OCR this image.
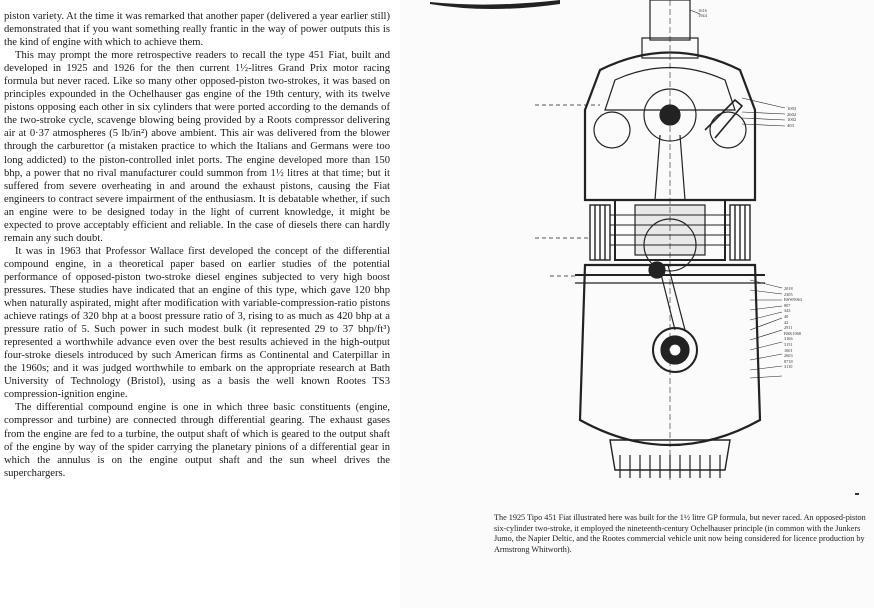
piston variety. At the time it was remarked that another paper (delivered a year earlier still) demonstrated that if you want something really frantic in the way of power outputs this is the kind of engine with which to achieve them.

This may prompt the more retrospective readers to recall the type 451 Fiat, built and developed in 1925 and 1926 for the then current 1½-litres Grand Prix motor racing formula but never raced. Like so many other opposed-piston two-strokes, it was based on principles expounded in the Ochelhauser gas engine of the 19th century, with its twelve pistons opposing each other in six cylinders that were ported according to the demands of the two-stroke cycle, scavenge blowing being provided by a Roots compressor delivering air at 0·37 atmospheres (5 lb/in²) above ambient. This air was delivered from the blower through the carburettor (a mistaken practice to which the Italians and Germans were too long addicted) to the piston-controlled inlet ports. The engine developed more than 150 bhp, a power that no rival manufacturer could summon from 1½ litres at that time; but it suffered from severe overheating in and around the exhaust pistons, causing the Fiat engineers to contract severe impairment of the enthusiasm. It is debatable whether, if such an engine were to be designed today in the light of current knowledge, it might be expected to prove acceptably efficient and reliable. In the case of diesels there can hardly remain any such doubt.

It was in 1963 that Professor Wallace first developed the concept of the differential compound engine, in a theoretical paper based on earlier studies of the potential performance of opposed-piston two-stroke diesel engines subjected to very high boost pressures. These studies have indicated that an engine of this type, which gave 120 bhp when naturally aspirated, might after modification with variable-compression-ratio pistons achieve ratings of 320 bhp at a boost pressure ratio of 3, rising to as much as 420 bhp at a pressure ratio of 5. Such power in such modest bulk (it represented 29 to 37 bhp/ft³) represented a worthwhile advance even over the best results achieved in the high-output four-stroke diesels introduced by such American firms as Continental and Caterpillar in the 1960s; and it was judged worthwhile to embark on the appropriate research at Bath University of Technology (Bristol), using as a basis the well known Rootes TS3 compression-ignition engine.

The differential compound engine is one in which three basic constituents (engine, compressor and turbine) are connected through differential gearing. The exhaust gases from the engine are fed to a turbine, the output shaft of which is geared to the output shaft of the engine by way of the spider carrying the planetary pinions of a differential gear in which the annulus is on the engine output shaft and the sun wheel drives the superchargers.

1616
1944
1003
2602
1002
403
2018
2305
BSW9063
807
343
40
42
2911
BSK1968
3166
3151
1601
2603
8718
3110
The 1925 Tipo 451 Fiat illustrated here was built for the 1½ litre GP formula, but never raced. An opposed-piston six-cylinder two-stroke, it employed the nineteenth-century Ochelhauser principle (in common with the Junkers Jumo, the Napier Deltic, and the Rootes commercial vehicle unit now being considered for licence production by Armstrong Whitworth).
